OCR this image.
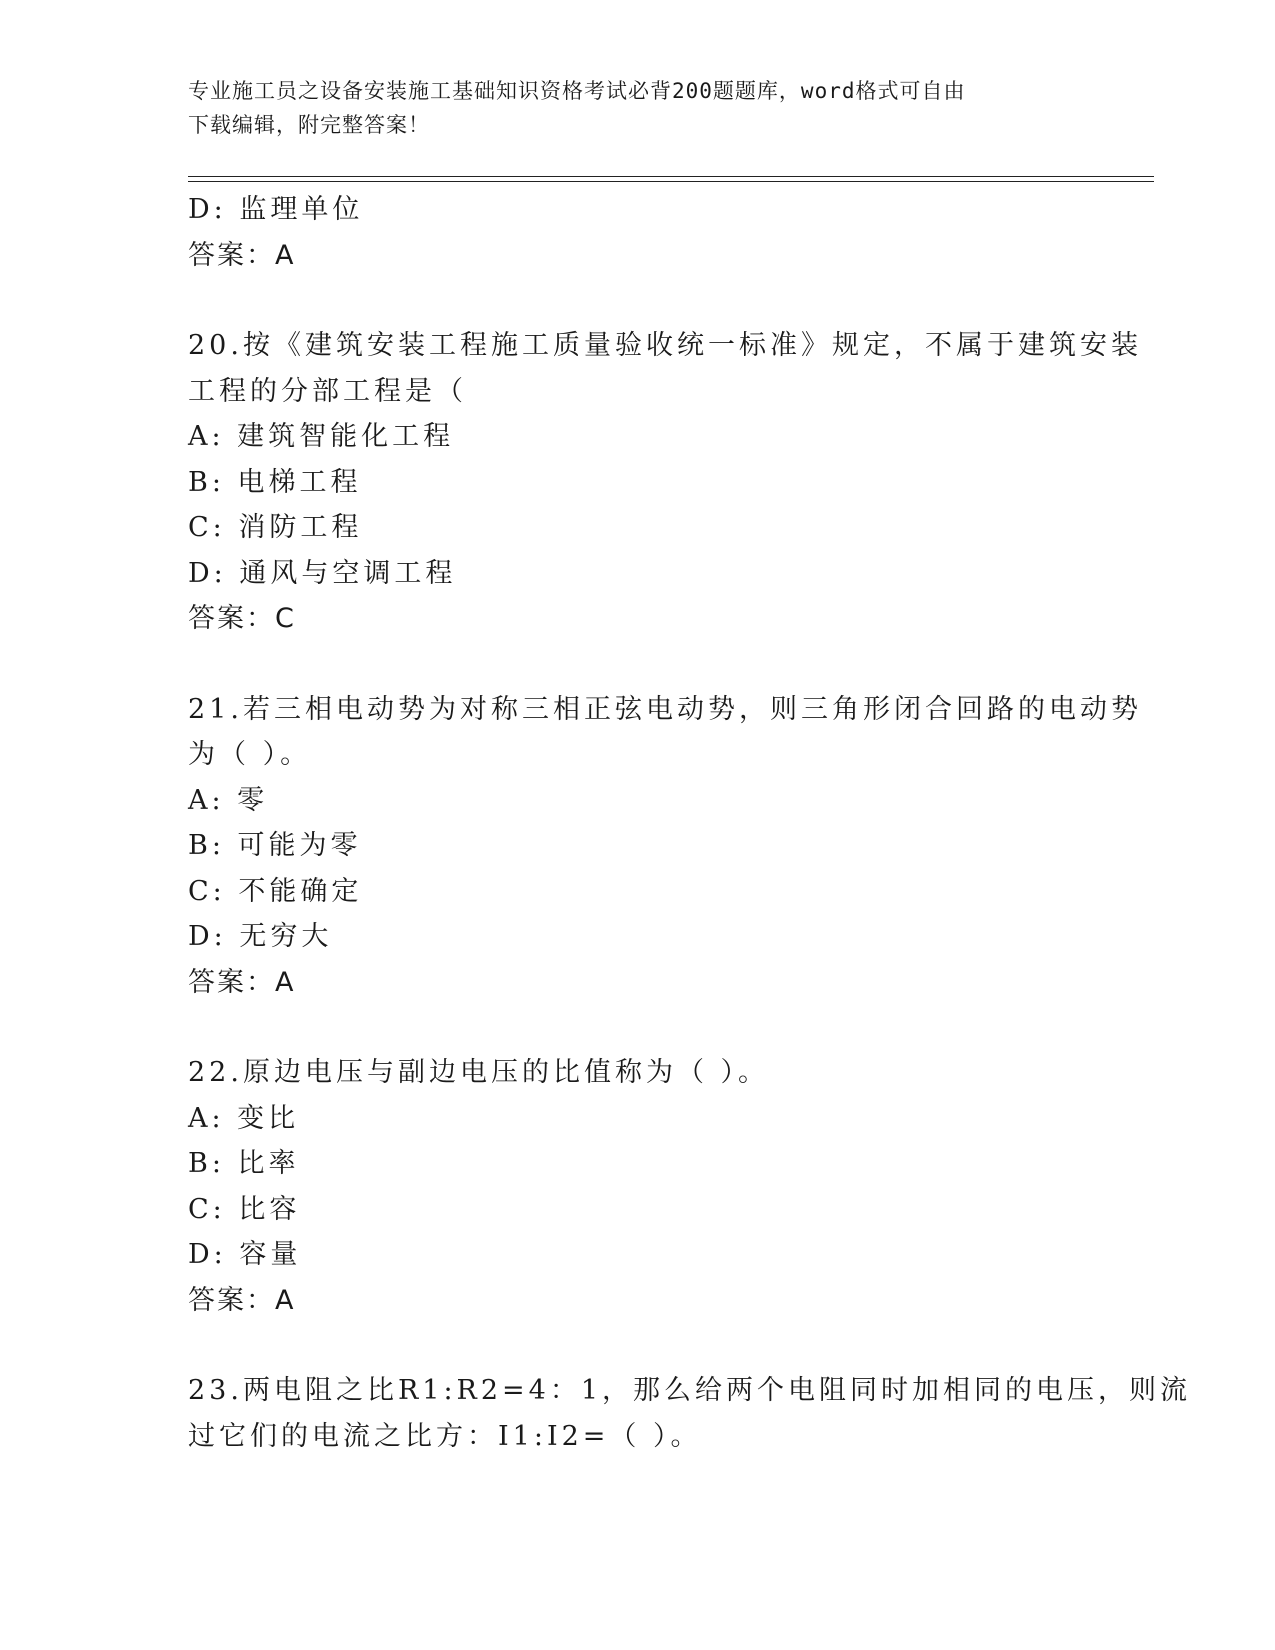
专业施工员之设备安装施工基础知识资格考试必背200题题库，word格式可自由
下载编辑，附完整答案！
D: 监理单位
答案：A
20.按《建筑安装工程施工质量验收统一标准》规定，不属于建筑安装
工程的分部工程是（
A: 建筑智能化工程
B: 电梯工程
C: 消防工程
D: 通风与空调工程
答案：C
21.若三相电动势为对称三相正弦电动势，则三角形闭合回路的电动势
为（ ）。
A: 零
B: 可能为零
C: 不能确定
D: 无穷大
答案：A
22.原边电压与副边电压的比值称为（ ）。
A: 变比
B: 比率
C: 比容
D: 容量
答案：A
23.两电阻之比R1:R2=4：1，那么给两个电阻同时加相同的电压，则流
过它们的电流之比方：I1:I2=（ ）。
